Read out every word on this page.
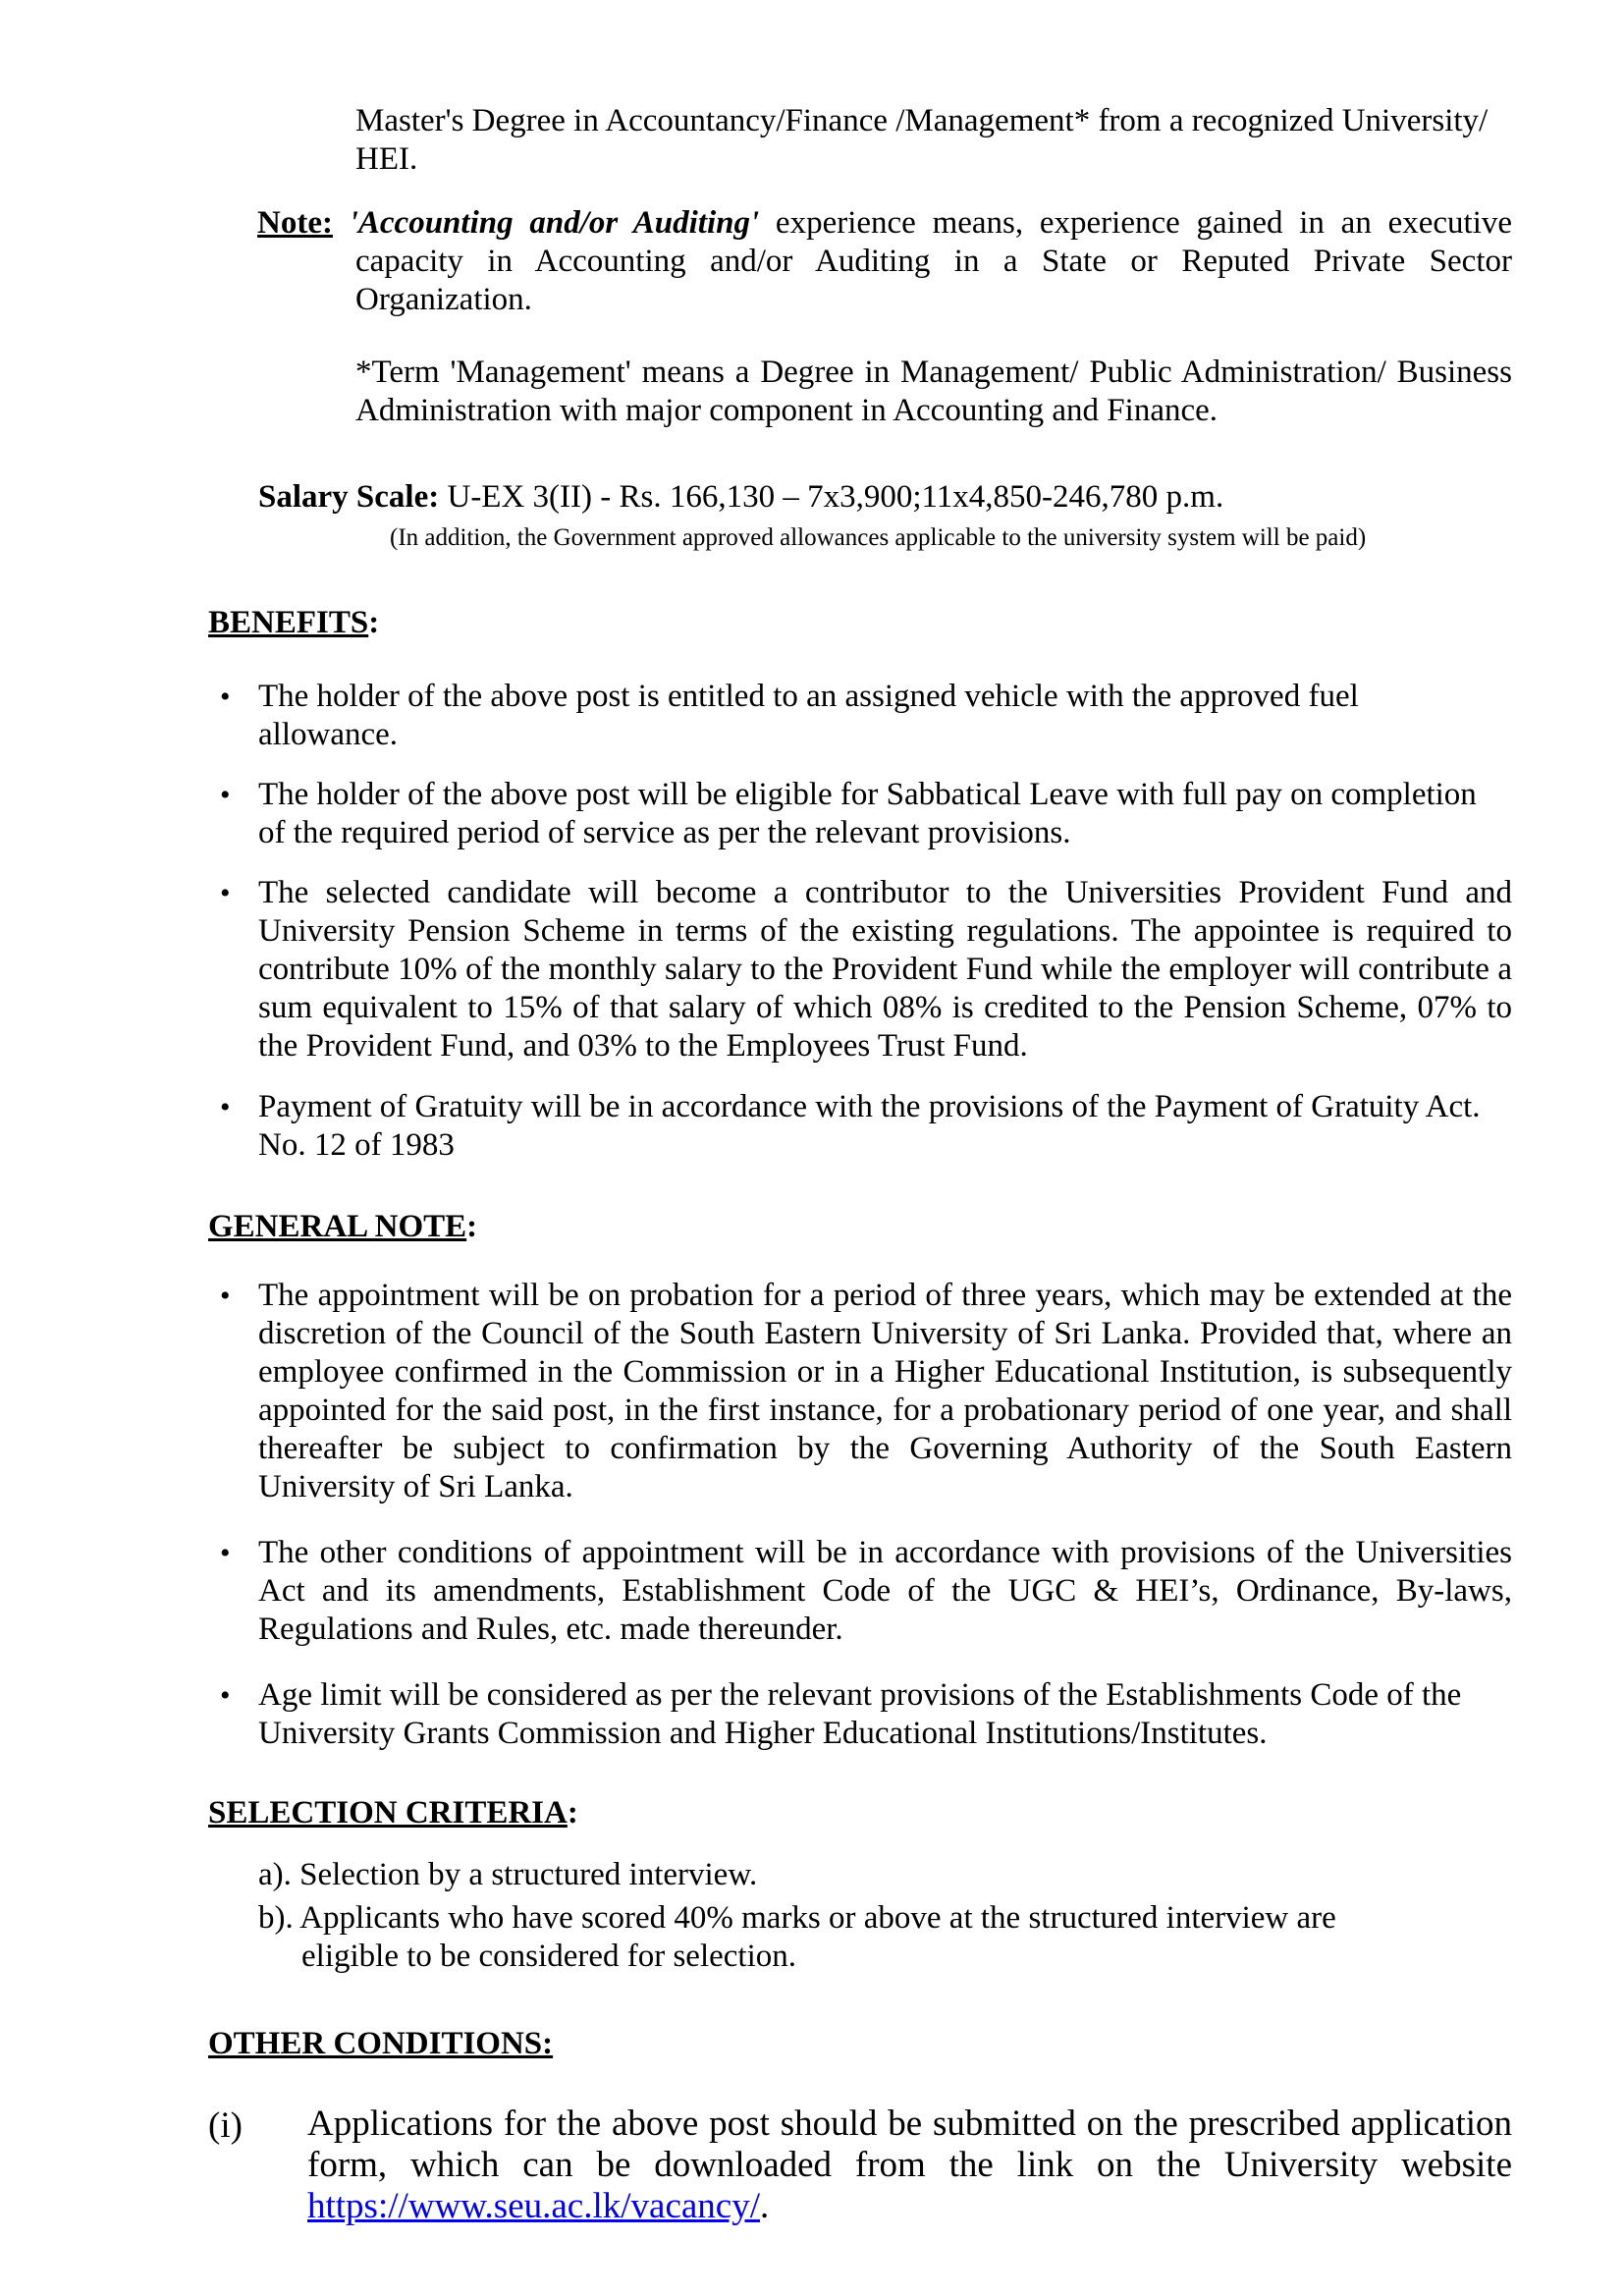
Master's Degree in Accountancy/Finance /Management* from a recognized University/ HEI.
Note: 'Accounting and/or Auditing' experience means, experience gained in an executive capacity in Accounting and/or Auditing in a State or Reputed Private Sector Organization.
*Term 'Management' means a Degree in Management/ Public Administration/ Business Administration with major component in Accounting and Finance.
Salary Scale: U-EX 3(II) - Rs. 166,130 – 7x3,900;11x4,850-246,780 p.m.
(In addition, the Government approved allowances applicable to the university system will be paid)
BENEFITS:
• The holder of the above post is entitled to an assigned vehicle with the approved fuel allowance.
• The holder of the above post will be eligible for Sabbatical Leave with full pay on completion of the required period of service as per the relevant provisions.
• The selected candidate will become a contributor to the Universities Provident Fund and University Pension Scheme in terms of the existing regulations. The appointee is required to contribute 10% of the monthly salary to the Provident Fund while the employer will contribute a sum equivalent to 15% of that salary of which 08% is credited to the Pension Scheme, 07% to the Provident Fund, and 03% to the Employees Trust Fund.
• Payment of Gratuity will be in accordance with the provisions of the Payment of Gratuity Act. No. 12 of 1983
GENERAL NOTE:
• The appointment will be on probation for a period of three years, which may be extended at the discretion of the Council of the South Eastern University of Sri Lanka. Provided that, where an employee confirmed in the Commission or in a Higher Educational Institution, is subsequently appointed for the said post, in the first instance, for a probationary period of one year, and shall thereafter be subject to confirmation by the Governing Authority of the South Eastern University of Sri Lanka.
• The other conditions of appointment will be in accordance with provisions of the Universities Act and its amendments, Establishment Code of the UGC & HEI’s, Ordinance, By-laws, Regulations and Rules, etc. made thereunder.
• Age limit will be considered as per the relevant provisions of the Establishments Code of the University Grants Commission and Higher Educational Institutions/Institutes.
SELECTION CRITERIA:
a). Selection by a structured interview.
b). Applicants who have scored 40% marks or above at the structured interview are
eligible to be considered for selection.
OTHER CONDITIONS:
(i) Applications for the above post should be submitted on the prescribed application form, which can be downloaded from the link on the University website https://www.seu.ac.lk/vacancy/.
